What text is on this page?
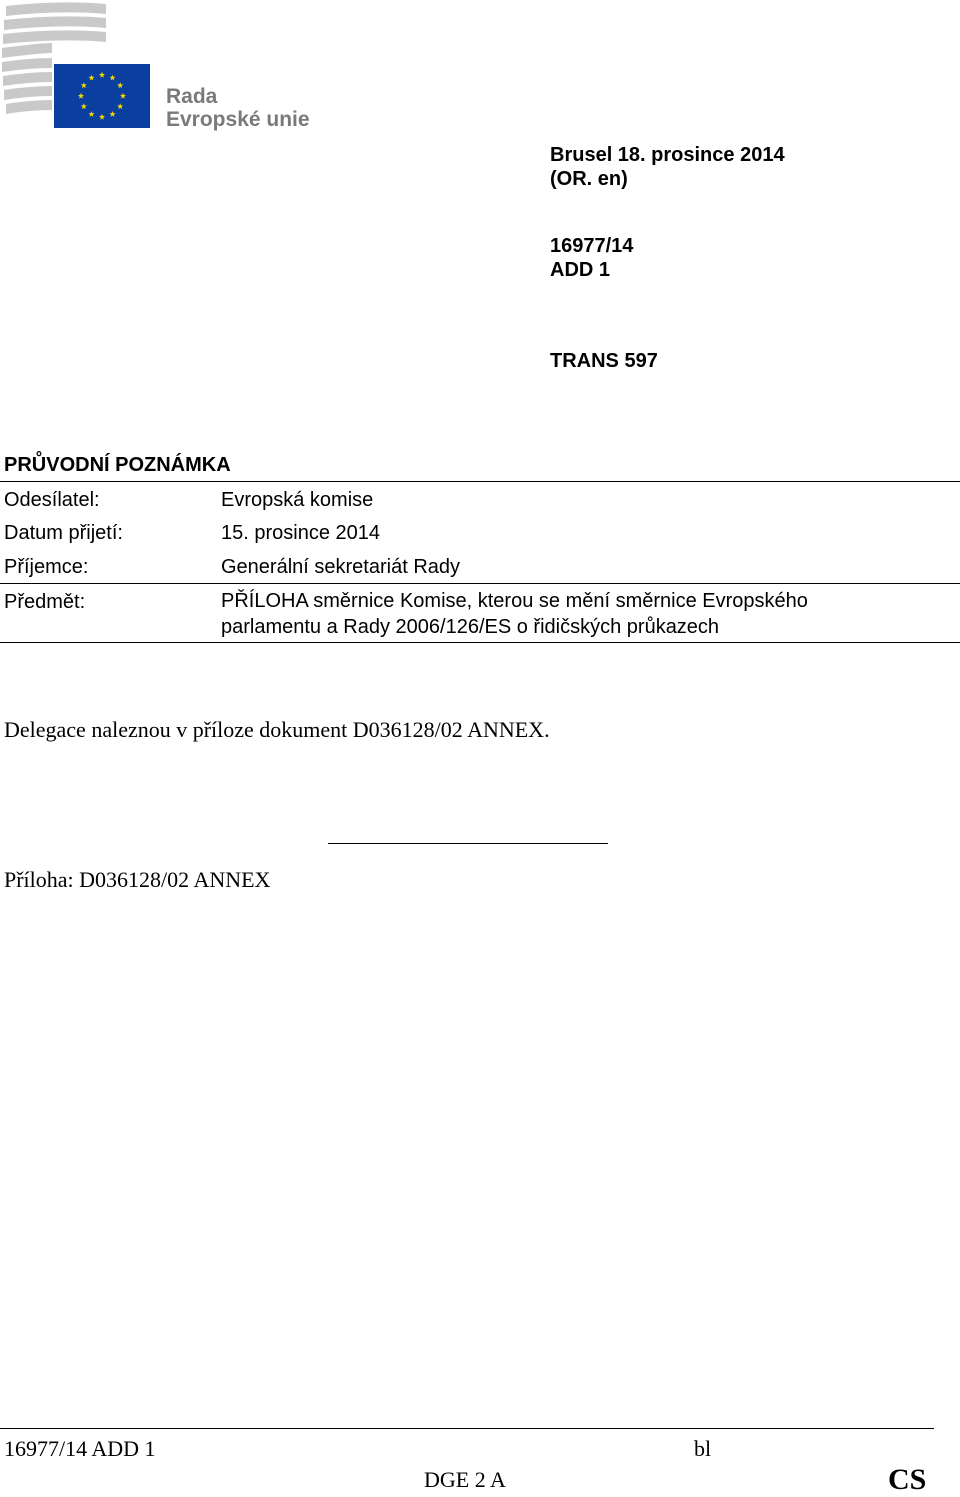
Rada
Evropské unie
Brusel 18. prosince 2014
(OR. en)
16977/14
ADD 1
TRANS 597
PRŮVODNÍ POZNÁMKA
Odesílatel:	Evropská komise
Datum přijetí:	15. prosince 2014
Příjemce:	Generální sekretariát Rady
Předmět:	PŘÍLOHA směrnice Komise, kterou se mění směrnice Evropského parlamentu a Rady 2006/126/ES o řidičských průkazech
Delegace naleznou v příloze dokument D036128/02 ANNEX.
Příloha: D036128/02 ANNEX
16977/14 ADD 1	bl
DGE 2 A	CS
